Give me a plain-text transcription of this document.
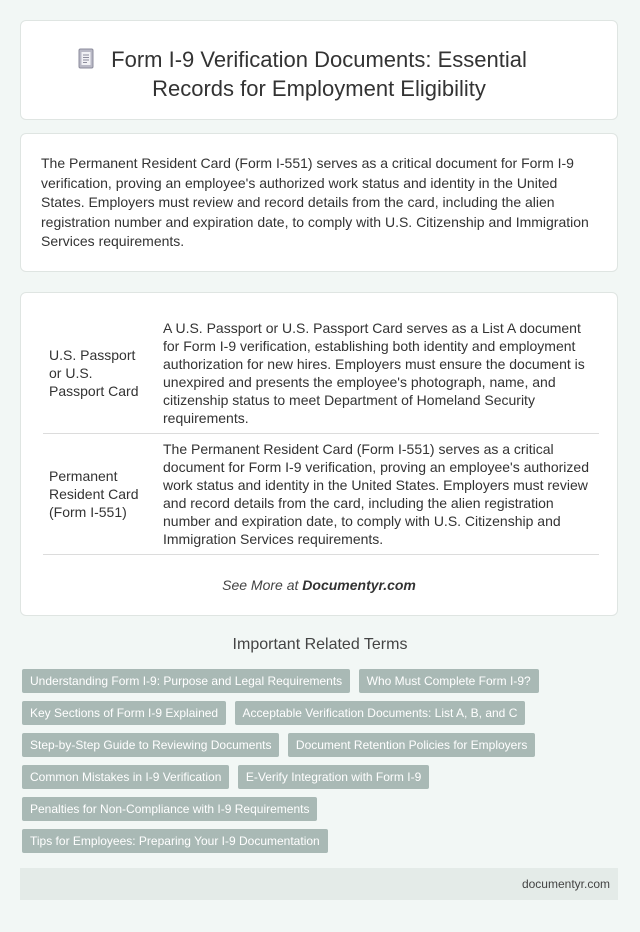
Form I-9 Verification Documents: Essential
Records for Employment Eligibility
The Permanent Resident Card (Form I-551) serves as a critical document for Form I-9 verification, proving an employee's authorized work status and identity in the United States. Employers must review and record details from the card, including the alien registration number and expiration date, to comply with U.S. Citizenship and Immigration Services requirements.
U.S. Passport or U.S. Passport Card	A U.S. Passport or U.S. Passport Card serves as a List A document for Form I-9 verification, establishing both identity and employment authorization for new hires. Employers must ensure the document is unexpired and presents the employee's photograph, name, and citizenship status to meet Department of Homeland Security requirements.
Permanent Resident Card (Form I-551)	The Permanent Resident Card (Form I-551) serves as a critical document for Form I-9 verification, proving an employee's authorized work status and identity in the United States. Employers must review and record details from the card, including the alien registration number and expiration date, to comply with U.S. Citizenship and Immigration Services requirements.
See More at Documentyr.com
Important Related Terms
Understanding Form I-9: Purpose and Legal Requirements Who Must Complete Form I-9? Key Sections of Form I-9 Explained Acceptable Verification Documents: List A, B, and C Step-by-Step Guide to Reviewing Documents Document Retention Policies for Employers Common Mistakes in I-9 Verification E-Verify Integration with Form I-9 Penalties for Non-Compliance with I-9 Requirements Tips for Employees: Preparing Your I-9 Documentation
documentyr.com
